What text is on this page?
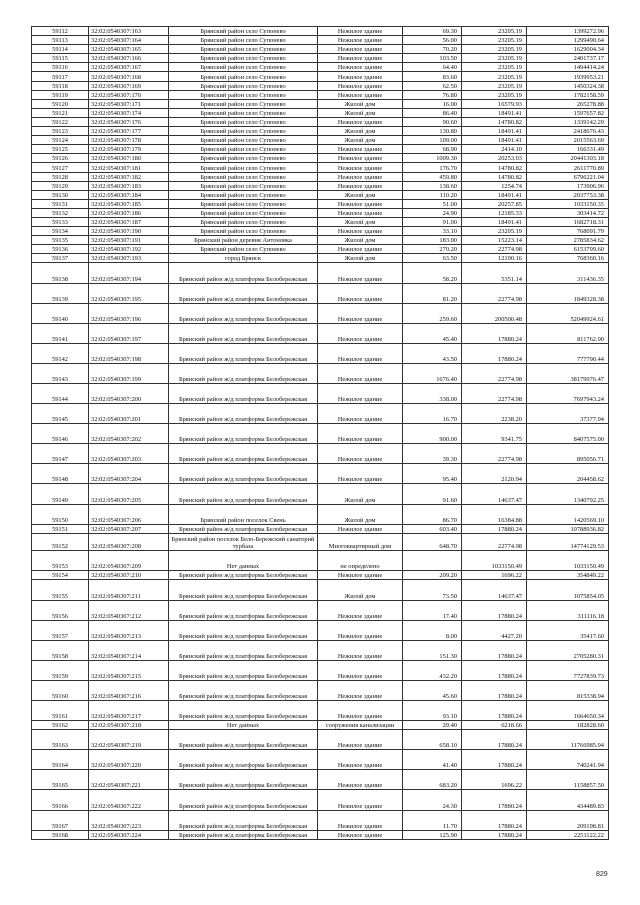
59112	32:02:0540307:163	Брянский район село Супонево	Нежилое здание	69.30	23205.19	1399272.96
59113	32:02:0540307:164	Брянский район село Супонево	Нежилое здание	56.00	23205.19	1299490.64
59114	32:02:0540307:165	Брянский район село Супонево	Нежилое здание	70.20	23205.19	1629004.34
59115	32:02:0540307:166	Брянский район село Супонево	Нежилое здание	103.50	23205.19	2401737.17
59116	32:02:0540307:167	Брянский район село Супонево	Нежилое здание	64.40	23205.19	1494414.24
59117	32:02:0540307:168	Брянский район село Супонево	Нежилое здание	83.60	23205.19	1939953.21
59118	32:02:0540307:169	Брянский район село Супонево	Нежилое здание	62.50	23205.19	1450324.38
59119	32:02:0540307:170	Брянский район село Супонево	Нежилое здание	76.80	23205.19	1782158.59
59120	32:02:0540307:171	Брянский район село Супонево	Жилой дом	16.00	16579.93	265278.88
59121	32:02:0540307:174	Брянский район село Супонево	Жилой дом	86.40	18491.41	1597657.82
59122	32:02:0540307:176	Брянский район село Супонево	Нежилое здание	90.60	14780.82	1339142.29
59123	32:02:0540307:177	Брянский район село Супонево	Жилой дом	130.80	18491.41	2418676.43
59124	32:02:0540307:178	Брянский район село Супонево	Жилой дом	109.00	18491.41	2015563.69
59125	32:02:0540307:179	Брянский район село Супонево	Нежилое здание	68.90	2414.10	166331.49
59126	32:02:0540307:180	Брянский район село Супонево	Нежилое здание	1009.30	20253.03	20441303.18
59127	32:02:0540307:181	Брянский район село Супонево	Нежилое здание	176.70	14780.82	2611770.89
59128	32:02:0540307:182	Брянский район село Супонево	Нежилое здание	459.80	14780.82	6796221.04
59129	32:02:0540307:183	Брянский район село Супонево	Нежилое здание	138.60	1254.74	173906.96
59130	32:02:0540307:184	Брянский район село Супонево	Жилой дом	110.20	18491.41	2037753.38
59131	32:02:0540307:185	Брянский район село Супонево	Нежилое здание	51.00	20257.85	1033150.35
59132	32:02:0540307:186	Брянский район село Супонево	Нежилое здание	24.90	12185.33	303414.72
59133	32:02:0540307:187	Брянский район село Супонево	Жилой дом	91.00	18491.41	1682718.31
59134	32:02:0540307:190	Брянский район село Супонево	Нежилое здание	33.10	23205.19	768091.79
59135	32:02:0540307:191	Брянский район деревня Антоновка	Жилой дом	183.00	15223.14	2785834.62
59136	32:02:0540307:192	Брянский район село Супонево	Нежилое здание	270.20	22774.98	6153799.60
59137	32:02:0540307:193	город Брянск	Жилой дом	63.50	12100.16	768360.16
59138	32:02:0540307:194	Брянский район ж/д платформа Белобережская	Нежилое здание	58.20	5351.14	311436.35
59139	32:02:0540307:195	Брянский район ж/д платформа Белобережская	Нежилое здание	81.20	22774.98	1849328.38
59140	32:02:0540307:196	Брянский район ж/д платформа Белобережская	Нежилое здание	259.60	200500.48	52049924.61
59141	32:02:0540307:197	Брянский район ж/д платформа Белобережская	Нежилое здание	45.40	17880.24	811762.90
59142	32:02:0540307:198	Брянский район ж/д платформа Белобережская	Нежилое здание	43.50	17880.24	777790.44
59143	32:02:0540307:199	Брянский район ж/д платформа Белобережская	Нежилое здание	1676.40	22774.98	38179976.47
59144	32:02:0540307:200	Брянский район ж/д платформа Белобережская	Нежилое здание	338.00	22774.98	7697943.24
59145	32:02:0540307:201	Брянский район ж/д платформа Белобережская	Нежилое здание	16.70	2238.20	37377.94
59146	32:02:0540307:202	Брянский район ж/д платформа Белобережская	Нежилое здание	900.00	9341.75	8407575.00
59147	32:02:0540307:203	Брянский район ж/д платформа Белобережская	Нежилое здание	39.30	22774.98	895056.71
59148	32:02:0540307:204	Брянский район ж/д платформа Белобережская	Нежилое здание	95.40	2120.94	204458.62
59149	32:02:0540307:205	Брянский район ж/д платформа Белобережская	Жилой дом	91.60	14637.47	1340792.25
59150	32:02:0540307:206	Брянский район поселок Свень	Жилой дом	86.70	16384.88	1420569.10
59151	32:02:0540307:207	Брянский район ж/д платформа Белобережская	Нежилое здание	603.40	17880.24	10788936.82
59152	32:02:0540307:208	Брянский район поселок Бело-Бережский санаторий турбаза	Многоквартирный дом	648.70	22774.98	14774129.53
59153	32:02:0540307:209	Нет данных	не определено		1033150.49	1033150.49
59154	32:02:0540307:210	Брянский район ж/д платформа Белобережская	Нежилое здание	209.20	1696.22	354849.22
59155	32:02:0540307:211	Брянский район ж/д платформа Белобережская	Жилой дом	73.50	14637.47	1075854.05
59156	32:02:0540307:212	Брянский район ж/д платформа Белобережская	Нежилое здание	17.40	17880.24	311116.18
59157	32:02:0540307:213	Брянский район ж/д платформа Белобережская	Нежилое здание	8.00	4427.20	35417.60
59158	32:02:0540307:214	Брянский район ж/д платформа Белобережская	Нежилое здание	151.30	17880.24	2705280.31
59159	32:02:0540307:215	Брянский район ж/д платформа Белобережская	Нежилое здание	432.20	17880.24	7727839.73
59160	32:02:0540307:216	Брянский район ж/д платформа Белобережская	Нежилое здание	45.60	17880.24	815338.94
59161	32:02:0540307:217	Брянский район ж/д платформа Белобережская	Нежилое здание	93.10	17880.24	1664650.34
59162	32:02:0540307:218	Нет данных	сооружения канализации	29.40	6218.66	182828.60
59163	32:02:0540307:219	Брянский район ж/д платформа Белобережская	Нежилое здание	658.10	17880.24	11766985.94
59164	32:02:0540307:220	Брянский район ж/д платформа Белобережская	Нежилое здание	41.40	17880.24	740241.94
59165	32:02:0540307:221	Брянский район ж/д платформа Белобережская	Нежилое здание	683.20	1696.22	1158857.50
59166	32:02:0540307:222	Брянский район ж/д платформа Белобережская	Нежилое здание	24.30	17880.24	434489.83
59167	32:02:0540307:223	Брянский район ж/д платформа Белобережская	Нежилое здание	11.70	17880.24	209198.81
59168	32:02:0540307:224	Брянский район ж/д платформа Белобережская	Нежилое здание	125.90	17880.24	2251122.22
829
